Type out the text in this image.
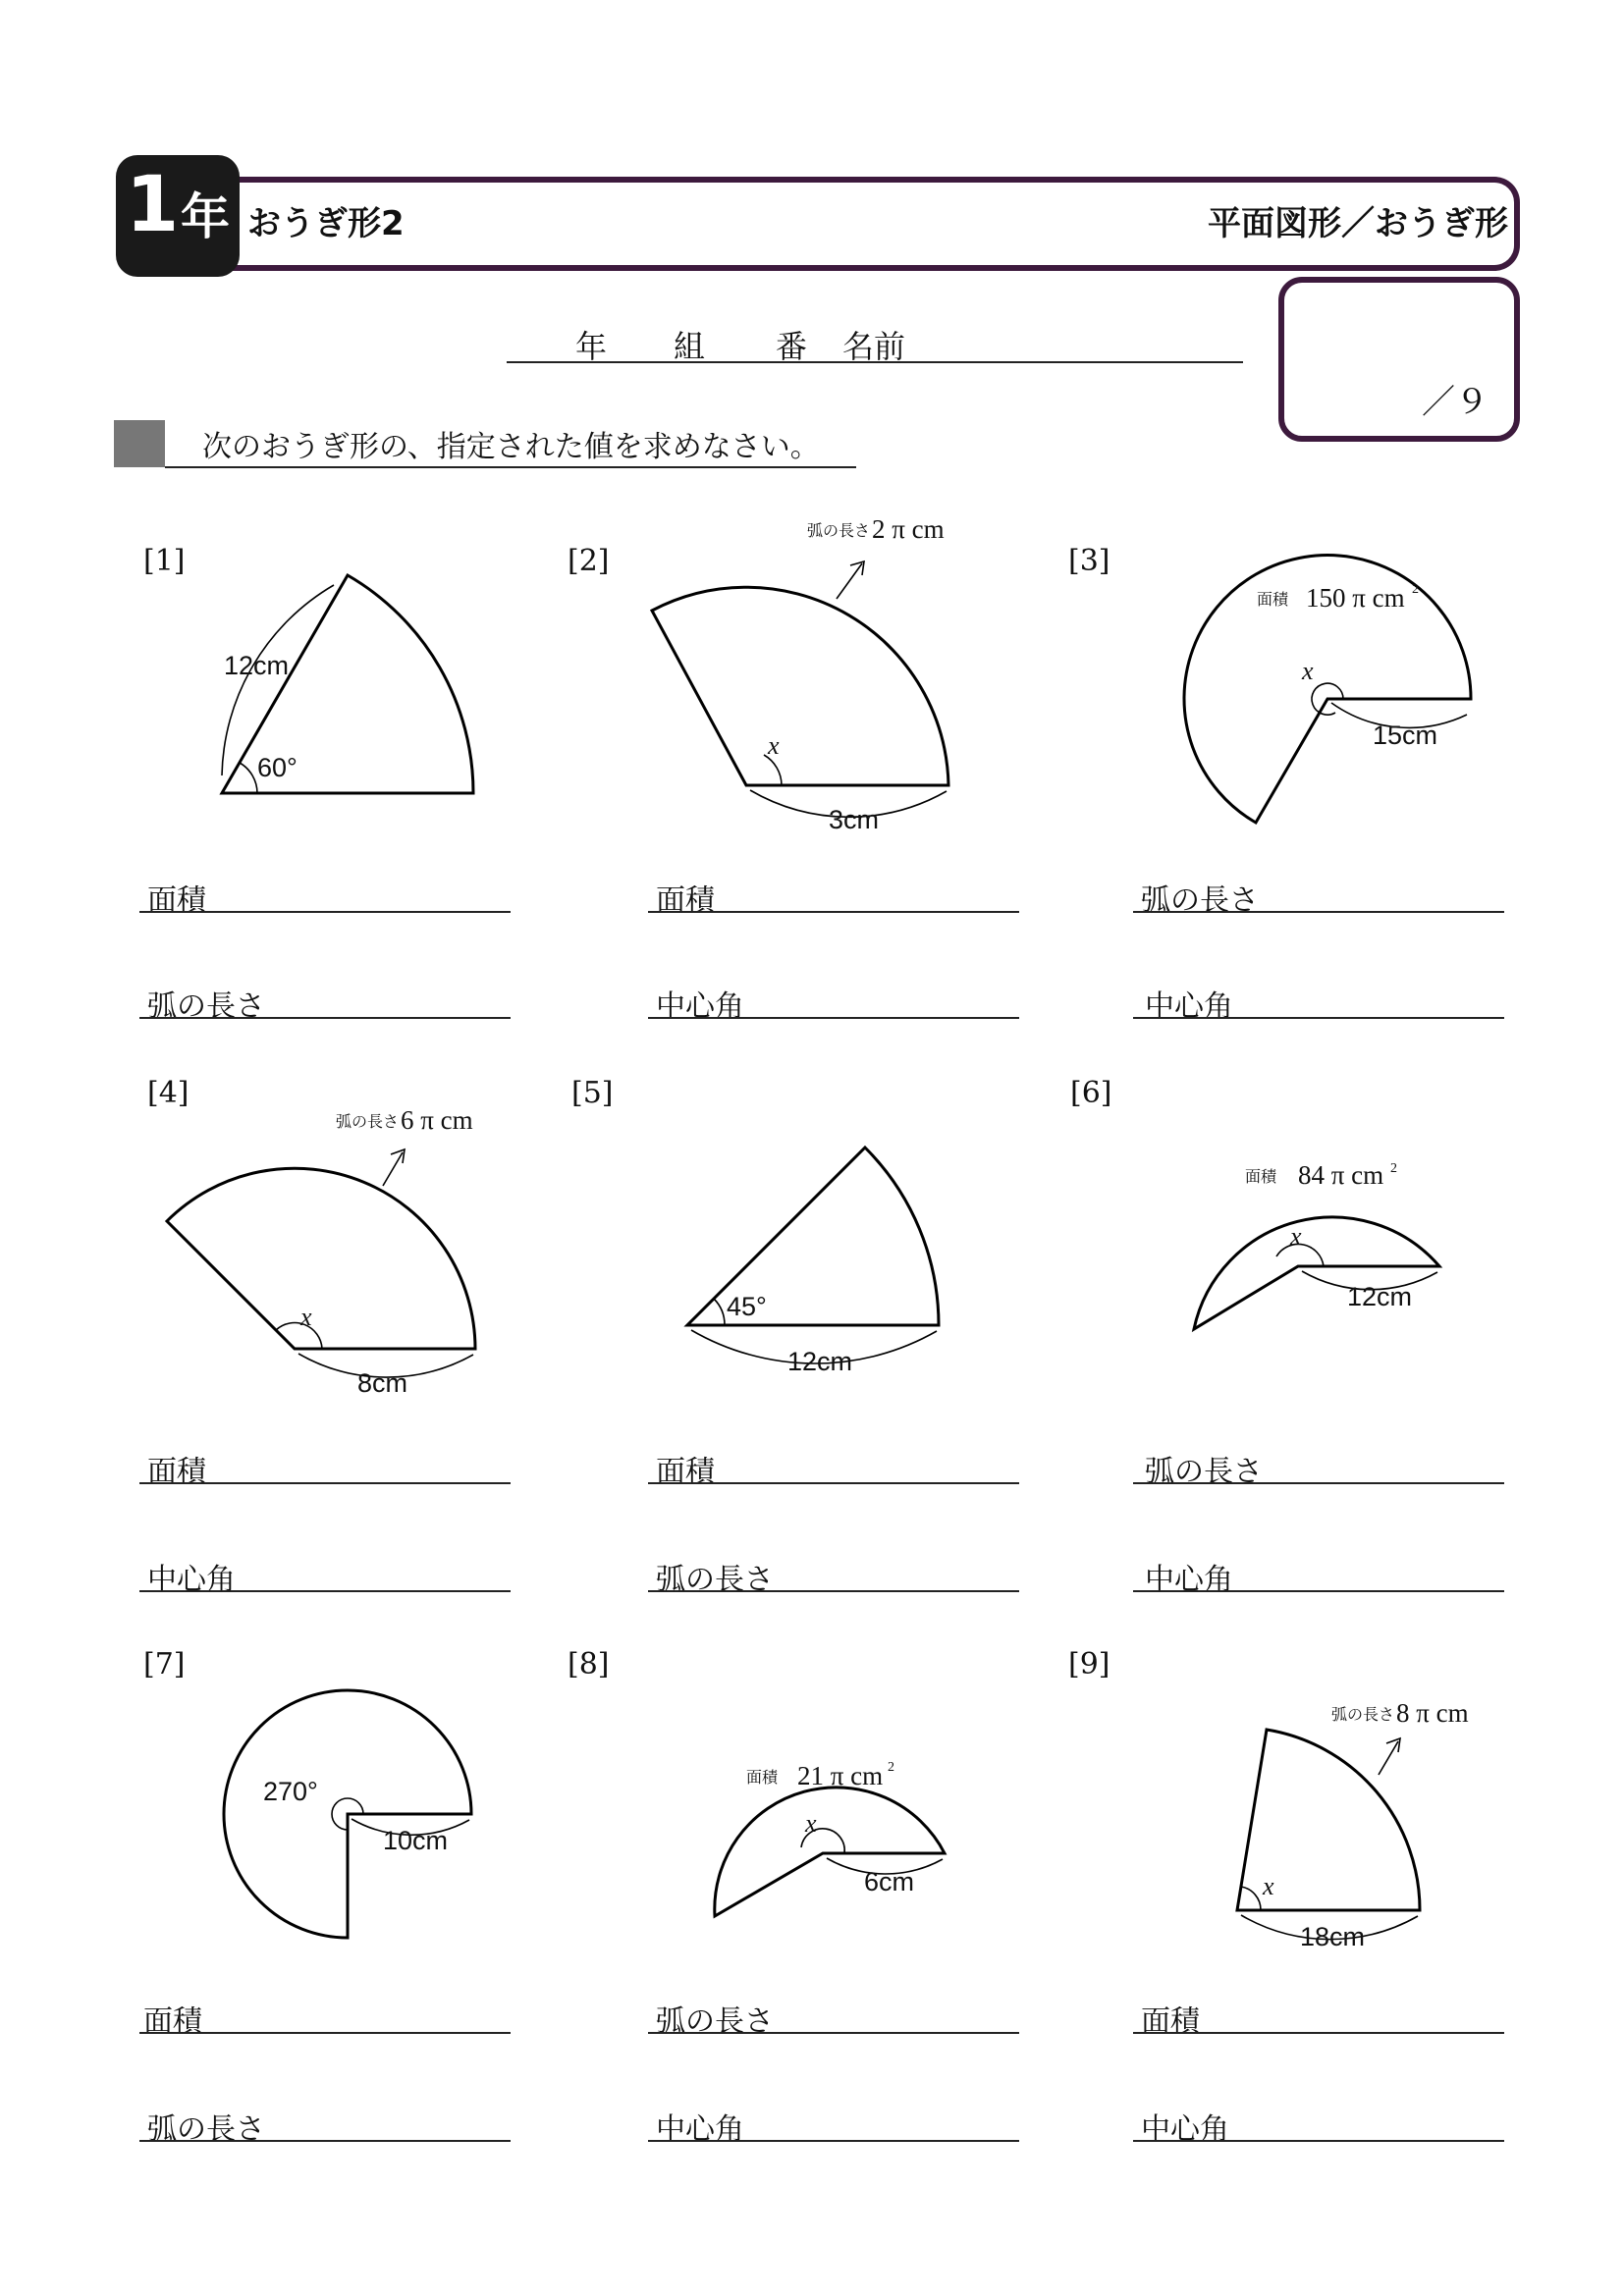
1 年 おうぎ形2	平面図形／おうぎ形
年 組 番 名前
／９
次のおうぎ形の、指定された値を求めなさい。
[1]	[2]	[3]
[4]	[5]	[6]
[7]	[8]	[9]
12cm
60°
x
3cm
弧の長さ 2 π cm
x
15cm
面積 150 π cm 2
x
8cm
弧の長さ 6 π cm
45°
12cm
x
12cm
面積 84 π cm 2
270°
10cm
x
6cm
面積 21 π cm 2
x
18cm
弧の長さ 8 π cm
面積
弧の長さ
面積
中心角
弧の長さ
中心角
面積
中心角
面積
弧の長さ
弧の長さ
中心角
面積
弧の長さ
弧の長さ
中心角
面積
中心角
